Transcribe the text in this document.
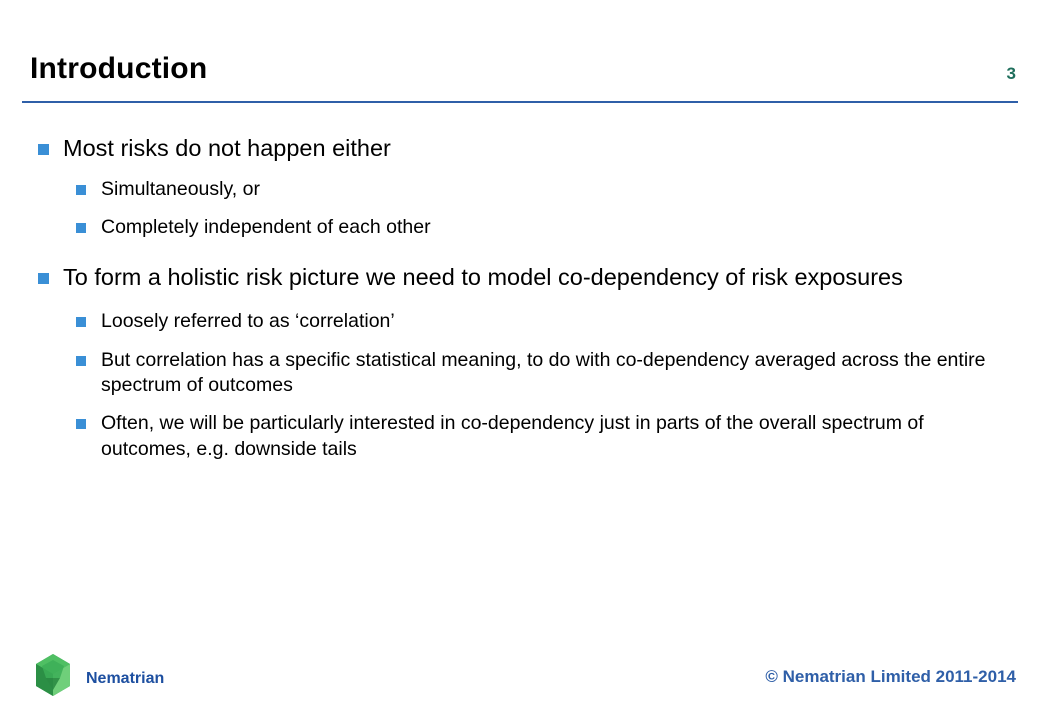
Introduction	3
Most risks do not happen either
Simultaneously, or
Completely independent of each other
To form a holistic risk picture we need to model co-dependency of risk exposures
Loosely referred to as ‘correlation’
But correlation has a specific statistical meaning, to do with co-dependency averaged across the entire spectrum of outcomes
Often, we will be particularly interested in co-dependency just in parts of the overall spectrum of outcomes, e.g. downside tails
Nematrian	© Nematrian Limited 2011-2014
